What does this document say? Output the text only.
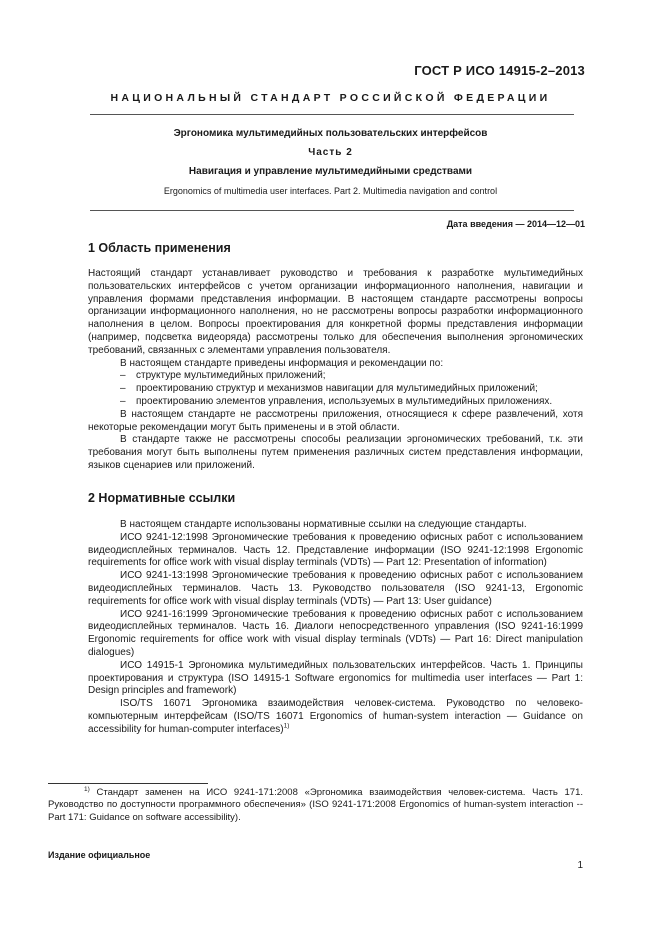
ГОСТ Р ИСО 14915-2–2013
НАЦИОНАЛЬНЫЙ СТАНДАРТ РОССИЙСКОЙ ФЕДЕРАЦИИ
Эргономика мультимедийных пользовательских интерфейсов
Часть 2
Навигация и управление мультимедийными средствами
Ergonomics of multimedia user interfaces. Part 2. Multimedia navigation and control
Дата введения — 2014—12—01
1 Область применения

Настоящий стандарт устанавливает руководство и требования к разработке мультимедийных пользовательских интерфейсов с учетом организации информационного наполнения, навигации и управления формами представления информации. В настоящем стандарте рассмотрены вопросы организации информационного наполнения, но не рассмотрены вопросы разработки информационного наполнения в целом. Вопросы проектирования для конкретной формы представления информации (например, подсветка видеоряда) рассмотрены только для обеспечения выполнения эргономических требований, связанных с элементами управления пользователя.

В настоящем стандарте приведены информация и рекомендации по:

– структуре мультимедийных приложений;
– проектированию структур и механизмов навигации для мультимедийных приложений;
– проектированию элементов управления, используемых в мультимедийных приложениях.

В настоящем стандарте не рассмотрены приложения, относящиеся к сфере развлечений, хотя некоторые рекомендации могут быть применены и в этой области.

В стандарте также не рассмотрены способы реализации эргономических требований, т.к. эти требования могут быть выполнены путем применения различных систем представления информации, языков сценариев или приложений.

2 Нормативные ссылки

В настоящем стандарте использованы нормативные ссылки на следующие стандарты.

ИСО 9241-12:1998 Эргономические требования к проведению офисных работ с использованием видеодисплейных терминалов. Часть 12. Представление информации (ISO 9241-12:1998 Ergonomic requirements for office work with visual display terminals (VDTs) — Part 12: Presentation of information)

ИСО 9241-13:1998 Эргономические требования к проведению офисных работ с использованием видеодисплейных терминалов. Часть 13. Руководство пользователя (ISO 9241-13, Ergonomic requirements for office work with visual display terminals (VDTs) — Part 13: User guidance)

ИСО 9241-16:1999 Эргономические требования к проведению офисных работ с использованием видеодисплейных терминалов. Часть 16. Диалоги непосредственного управления (ISO 9241-16:1999 Ergonomic requirements for office work with visual display terminals (VDTs) — Part 16: Direct manipulation dialogues)

ИСО 14915-1 Эргономика мультимедийных пользовательских интерфейсов. Часть 1. Принципы проектирования и структура (ISO 14915-1 Software ergonomics for multimedia user interfaces — Part 1: Design principles and framework)

ISO/TS 16071 Эргономика взаимодействия человек-система. Руководство по человеко-компьютерным интерфейсам (ISO/TS 16071 Ergonomics of human-system interaction — Guidance on accessibility for human-computer interfaces)$^{1)}$

$^{1)}$ Стандарт заменен на ИСО 9241-171:2008 «Эргономика взаимодействия человек-система. Часть 171. Руководство по доступности программного обеспечения» (ISO 9241-171:2008 Ergonomics of human-system interaction -- Part 171: Guidance on software accessibility).

Издание официальное
1
